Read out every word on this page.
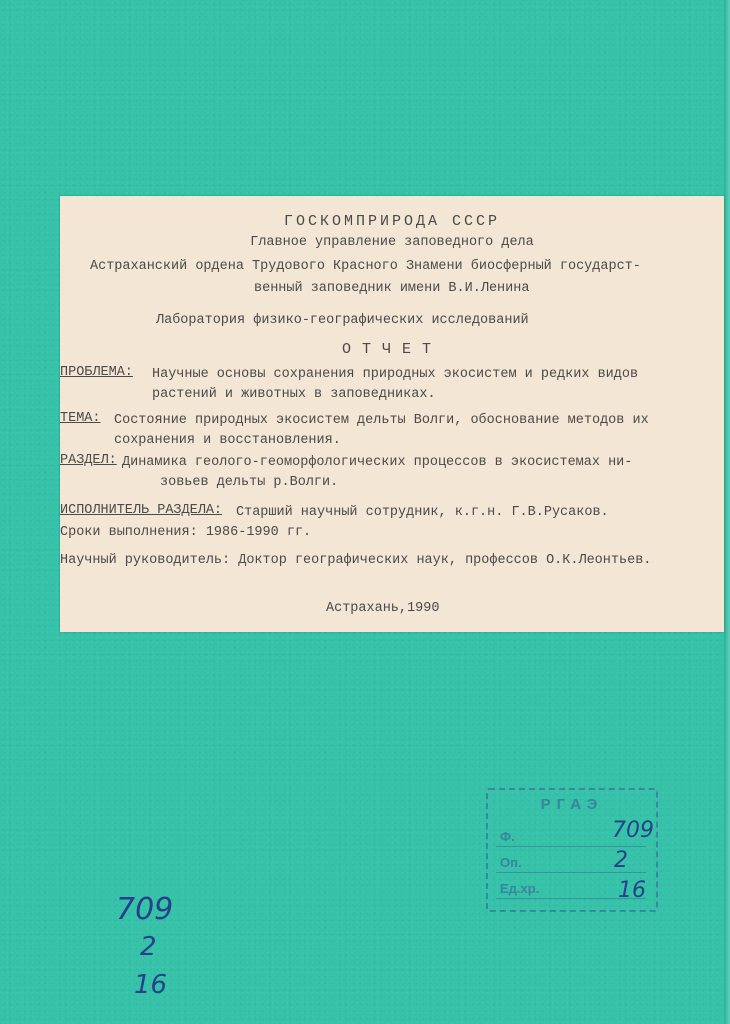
ГОСКОМПРИРОДА СССР
Главное управление заповедного дела
Астраханский ордена Трудового Красного Знамени биосферный государст-
венный заповедник имени В.И.Ленина
Лаборатория физико-географических исследований
ОТЧЕТ
ПРОБЛЕМА: Научные основы сохранения природных экосистем и редких видов
растений и животных в заповедниках.
ТЕМА: Состояние природных экосистем дельты Волги, обоснование методов их
сохранения и восстановления.
РАЗДЕЛ: Динамика геолого-геоморфологических процессов в экосистемах ни-
зовьев дельты р.Волги.
ИСПОЛНИТЕЛЬ РАЗДЕЛА: Старший научный сотрудник, к.г.н. Г.В.Русаков.
Сроки выполнения: 1986-1990 гг.
Научный руководитель: Доктор географических наук, профессов О.К.Леонтьев.
Астрахань,1990
РГАЭ
Ф.
Оп.
Ед.хр.
709
2
16
709
2
16
